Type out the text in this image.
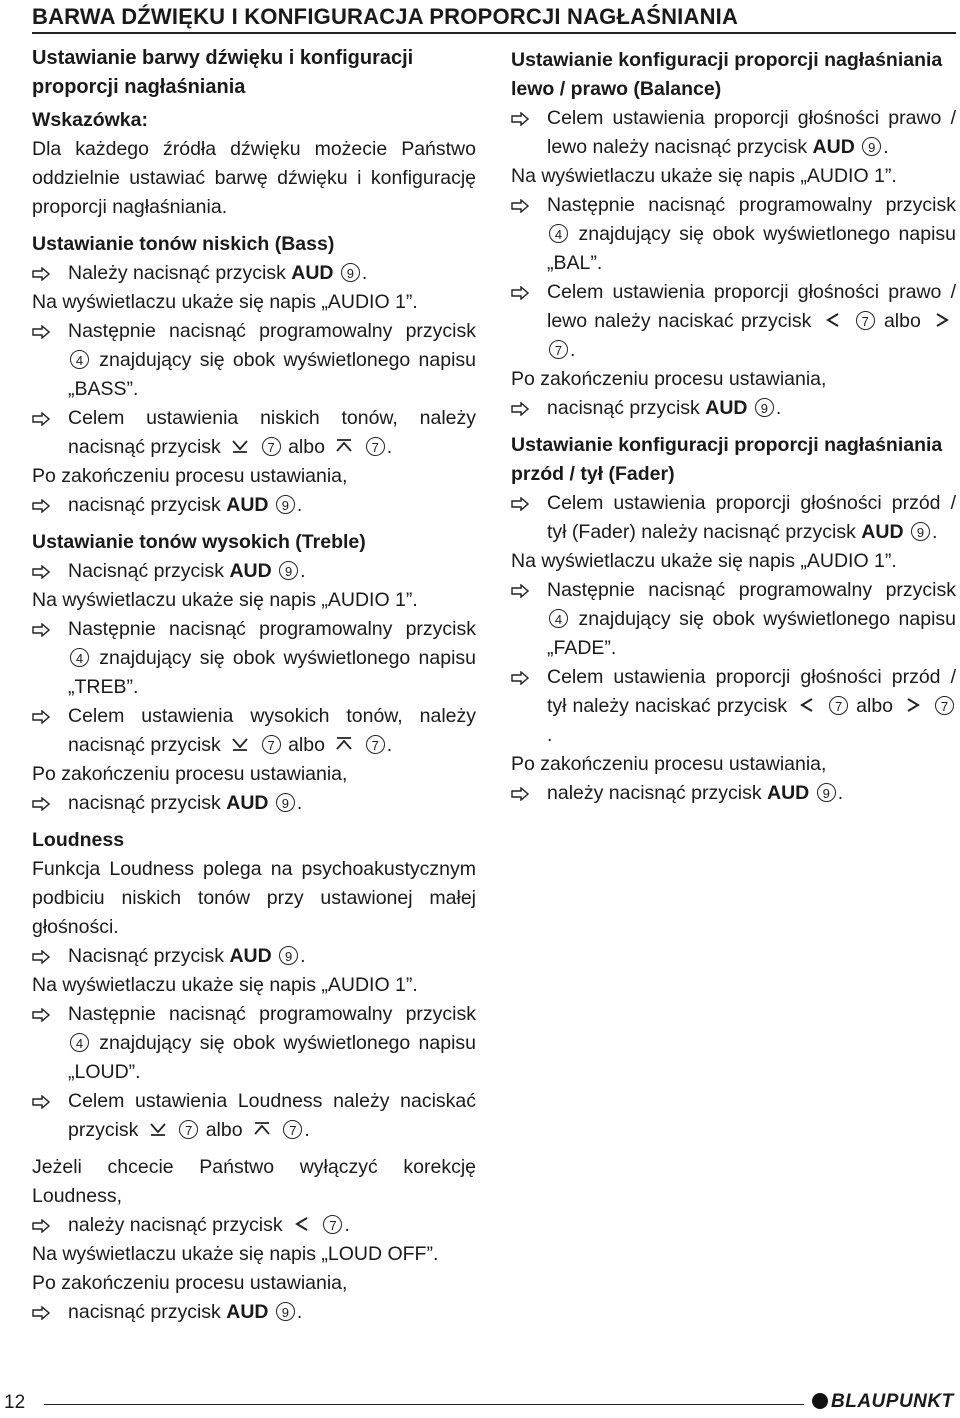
BARWA DŹWIĘKU I KONFIGURACJA PROPORCJI NAGŁAŚNIANIA
Ustawianie barwy dźwięku i konfiguracji proporcji nagłaśniania
Wskazówka:

Dla każdego źródła dźwięku możecie Państwo oddzielnie ustawiać barwę dźwięku i konfigurację proporcji nagłaśniania.

Ustawianie tonów niskich (Bass)
Należy nacisnąć przycisk AUD 9 .

Na wyświetlaczu ukaże się napis „AUDIO 1”.

Następnie nacisnąć programowalny przycisk 4 znajdujący się obok wyświetlonego napisu „BASS”.
Celem ustawienia niskich tonów, należy nacisnąć przycisk	7 albo	7 .

Po zakończeniu procesu ustawiania,

nacisnąć przycisk AUD 9 .
Ustawianie tonów wysokich (Treble)
Nacisnąć przycisk AUD 9 .

Na wyświetlaczu ukaże się napis „AUDIO 1”.

Następnie nacisnąć programowalny przycisk 4 znajdujący się obok wyświetlonego napisu „TREB”.
Celem ustawienia wysokich tonów, należy nacisnąć przycisk	7 albo	7 .

Po zakończeniu procesu ustawiania,

nacisnąć przycisk AUD 9 .
Loudness

Funkcja Loudness polega na psychoakustycznym podbiciu niskich tonów przy ustawionej małej głośności.

Nacisnąć przycisk AUD 9 .

Na wyświetlaczu ukaże się napis „AUDIO 1”.

Następnie nacisnąć programowalny przycisk 4 znajdujący się obok wyświetlonego napisu „LOUD”.
Celem ustawienia Loudness należy naciskać przycisk	7 albo	7 .

Jeżeli chcecie Państwo wyłączyć korekcję Loudness,

należy nacisnąć przycisk	7 .

Na wyświetlaczu ukaże się napis „LOUD OFF”.

Po zakończeniu procesu ustawiania,

nacisnąć przycisk AUD 9 .
Ustawianie konfiguracji proporcji nagłaśniania lewo / prawo (Balance)
Celem ustawienia proporcji głośności prawo / lewo należy nacisnąć przycisk AUD 9 .

Na wyświetlaczu ukaże się napis „AUDIO 1”.

Następnie nacisnąć programowalny przycisk 4 znajdujący się obok wyświetlonego napisu „BAL”.
Celem ustawienia proporcji głośności prawo / lewo należy naciskać przycisk	7 albo  7 .

Po zakończeniu procesu ustawiania,

nacisnąć przycisk AUD 9 .
Ustawianie konfiguracji proporcji nagłaśniania przód / tył (Fader)
Celem ustawienia proporcji głośności przód / tył (Fader) należy nacisnąć przycisk AUD 9 .

Na wyświetlaczu ukaże się napis „AUDIO 1”.

Następnie nacisnąć programowalny przycisk 4 znajdujący się obok wyświetlonego napisu „FADE”.
Celem ustawienia proporcji głośności przód / tył należy naciskać przycisk	7 albo	7.

Po zakończeniu procesu ustawiania,

należy nacisnąć przycisk AUD 9 .
12	BLAUPUNKT
